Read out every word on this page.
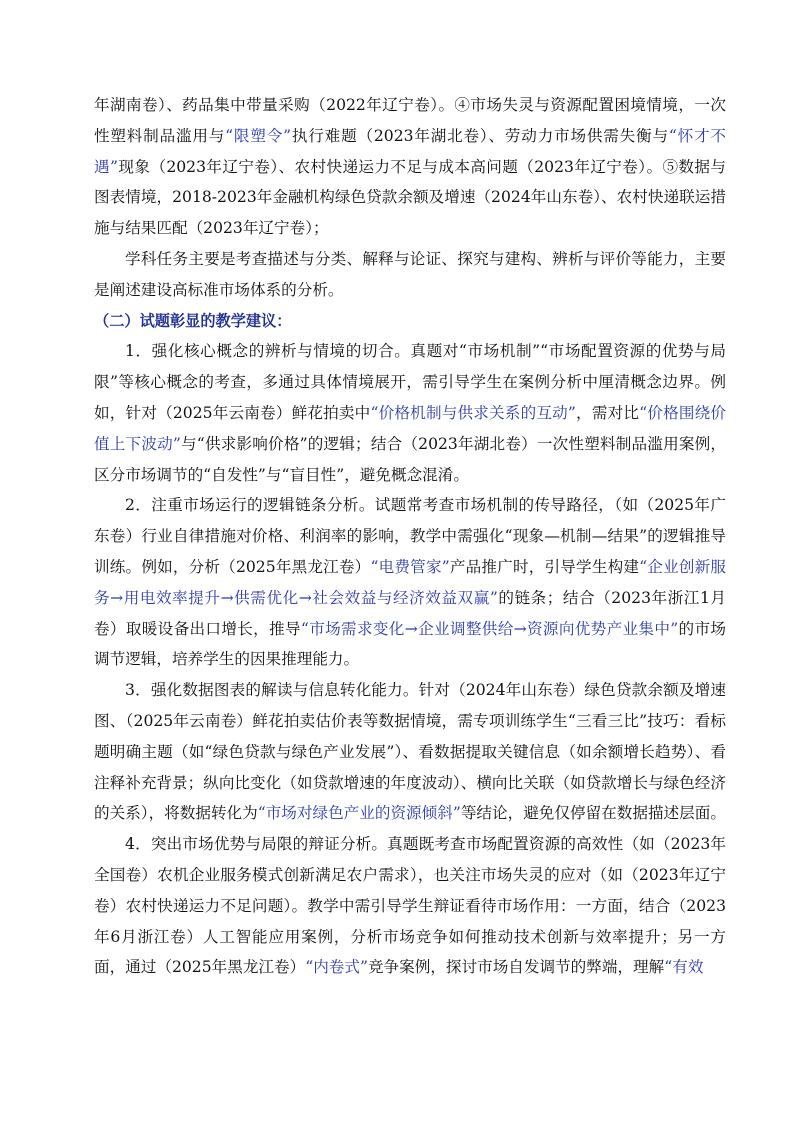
年湖南卷）、药品集中带量采购（2022年辽宁卷）。④市场失灵与资源配置困境情境，一次性塑料制品滥用与“限塑令”执行难题（2023年湖北卷）、劳动力市场供需失衡与“怀才不遇”现象（2023年辽宁卷）、农村快递运力不足与成本高问题（2023年辽宁卷）。⑤数据与图表情境，2018-2023年金融机构绿色贷款余额及增速（2024年山东卷）、农村快递联运措施与结果匹配（2023年辽宁卷）；

学科任务主要是考查描述与分类、解释与论证、探究与建构、辨析与评价等能力，主要是阐述建设高标准市场体系的分析。

（二）试题彰显的教学建议：

1．强化核心概念的辨析与情境的切合。真题对“市场机制”“市场配置资源的优势与局限”等核心概念的考查，多通过具体情境展开，需引导学生在案例分析中厘清概念边界。例如，针对（2025年云南卷）鲜花拍卖中“价格机制与供求关系的互动”，需对比“价格围绕价值上下波动”与“供求影响价格”的逻辑；结合（2023年湖北卷）一次性塑料制品滥用案例，区分市场调节的“自发性”与“盲目性”，避免概念混淆。

2．注重市场运行的逻辑链条分析。试题常考查市场机制的传导路径，（如（2025年广东卷）行业自律措施对价格、利润率的影响，教学中需强化“现象—机制—结果”的逻辑推导训练。例如，分析（2025年黑龙江卷）“电费管家”产品推广时，引导学生构建“企业创新服务→用电效率提升→供需优化→社会效益与经济效益双赢”的链条；结合（2023年浙江1月卷）取暖设备出口增长，推导“市场需求变化→企业调整供给→资源向优势产业集中”的市场调节逻辑，培养学生的因果推理能力。

3．强化数据图表的解读与信息转化能力。针对（2024年山东卷）绿色贷款余额及增速图、（2025年云南卷）鲜花拍卖估价表等数据情境，需专项训练学生“三看三比”技巧：看标题明确主题（如“绿色贷款与绿色产业发展”）、看数据提取关键信息（如余额增长趋势）、看注释补充背景；纵向比变化（如贷款增速的年度波动）、横向比关联（如贷款增长与绿色经济的关系），将数据转化为“市场对绿色产业的资源倾斜”等结论，避免仅停留在数据描述层面。

4．突出市场优势与局限的辩证分析。真题既考查市场配置资源的高效性（如（2023年全国卷）农机企业服务模式创新满足农户需求），也关注市场失灵的应对（如（2023年辽宁卷）农村快递运力不足问题）。教学中需引导学生辩证看待市场作用：一方面，结合（2023年6月浙江卷）人工智能应用案例，分析市场竞争如何推动技术创新与效率提升；另一方面，通过（2025年黑龙江卷）“内卷式”竞争案例，探讨市场自发调节的弊端，理解“有效
